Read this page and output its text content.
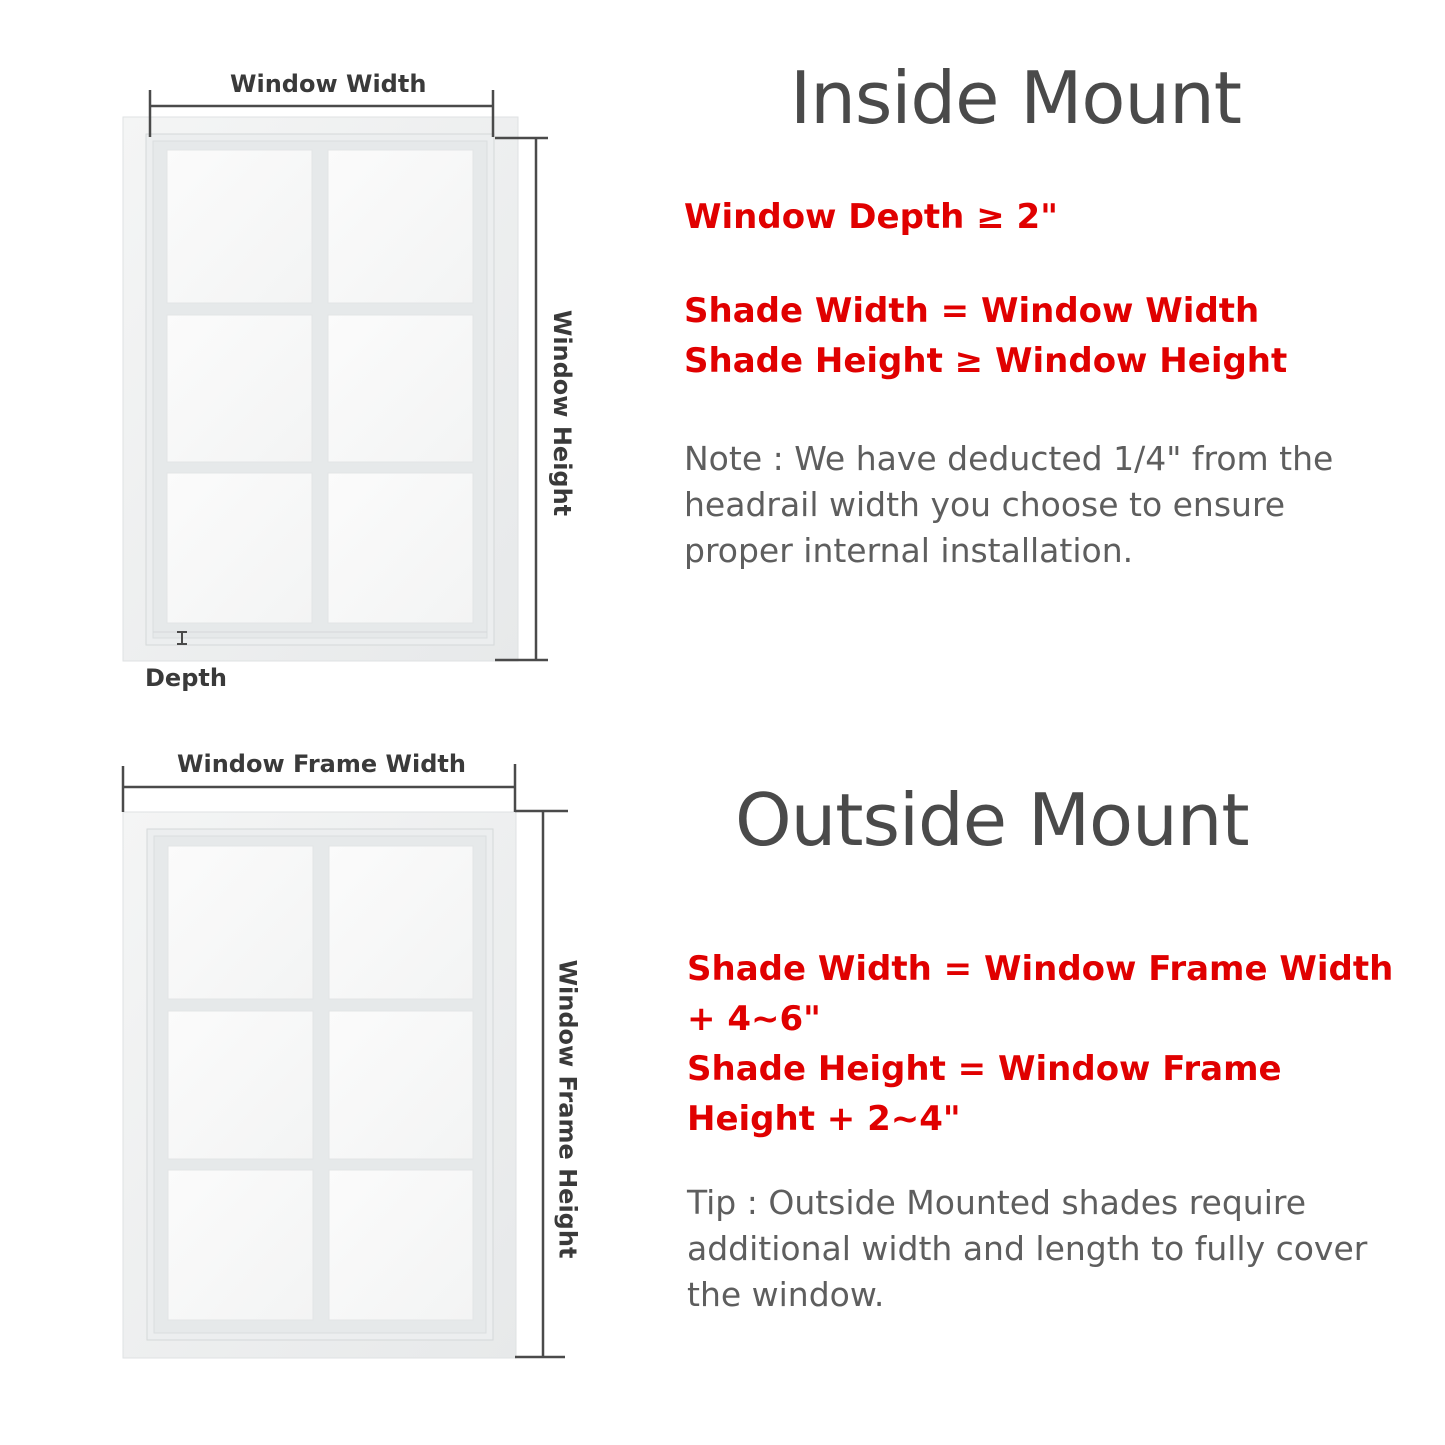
Window Width
Window Height
Depth
Window Frame Width
Window Frame Height
Inside Mount
Window Depth ≥ 2"
Shade Width = Window Width
Shade Height ≥ Window Height
Note : We have deducted 1/4" from the headrail width you choose to ensure proper internal installation.
Outside Mount
Shade Width = Window Frame Width
+ 4~6"
Shade Height = Window Frame
Height + 2~4"
Tip : Outside Mounted shades require additional width and length to fully cover the window.
